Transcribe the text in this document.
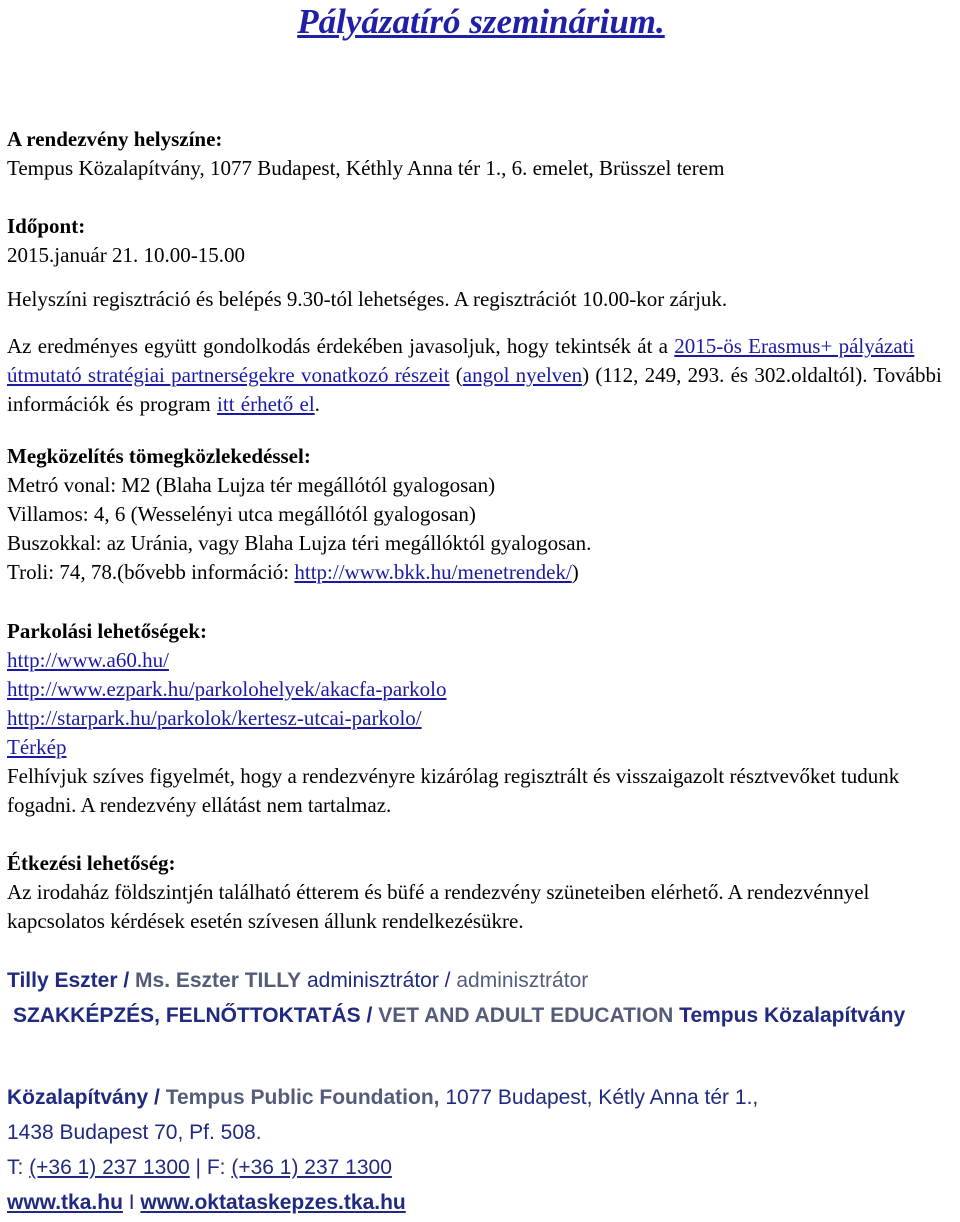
Pályázatíró szeminárium.

A rendezvény helyszíne:

Tempus Közalapítvány, 1077 Budapest, Kéthly Anna tér 1., 6. emelet, Brüsszel terem

Időpont:

2015.január 21. 10.00-15.00

Helyszíni regisztráció és belépés 9.30-tól lehetséges. A regisztrációt 10.00-kor zárjuk.

Az eredményes együtt gondolkodás érdekében javasoljuk, hogy tekintsék át a 2015-ös Erasmus+ pályázati útmutató stratégiai partnerségekre vonatkozó részeit (angol nyelven) (112, 249, 293. és 302.oldaltól). További információk és program itt érhető el.

Megközelítés tömegközlekedéssel:

Metró vonal: M2 (Blaha Lujza tér megállótól gyalogosan)

Villamos: 4, 6 (Wesselényi utca megállótól gyalogosan)

Buszokkal: az Uránia, vagy Blaha Lujza téri megállóktól gyalogosan.

Troli: 74, 78.(bővebb információ: http://www.bkk.hu/menetrendek/)

Parkolási lehetőségek:

http://www.a60.hu/

http://www.ezpark.hu/parkolohelyek/akacfa-parkolo

http://starpark.hu/parkolok/kertesz-utcai-parkolo/

Térkép

Felhívjuk szíves figyelmét, hogy a rendezvényre kizárólag regisztrált és visszaigazolt résztvevőket tudunk fogadni. A rendezvény ellátást nem tartalmaz.

Étkezési lehetőség:

Az irodaház földszintjén található étterem és büfé a rendezvény szüneteiben elérhető. A rendezvénnyel kapcsolatos kérdések esetén szívesen állunk rendelkezésükre.

Tilly Eszter / Ms. Eszter TILLY adminisztrátor / adminisztrátor

SZAKKÉPZÉS, FELNŐTTOKTATÁS / VET AND ADULT EDUCATION Tempus Közalapítvány

Közalapítvány / Tempus Public Foundation, 1077 Budapest, Kétly Anna tér 1.,

1438 Budapest 70, Pf. 508.

T: (+36 1) 237 1300 | F: (+36 1) 237 1300

www.tka.hu I www.oktataskepzes.tka.hu
